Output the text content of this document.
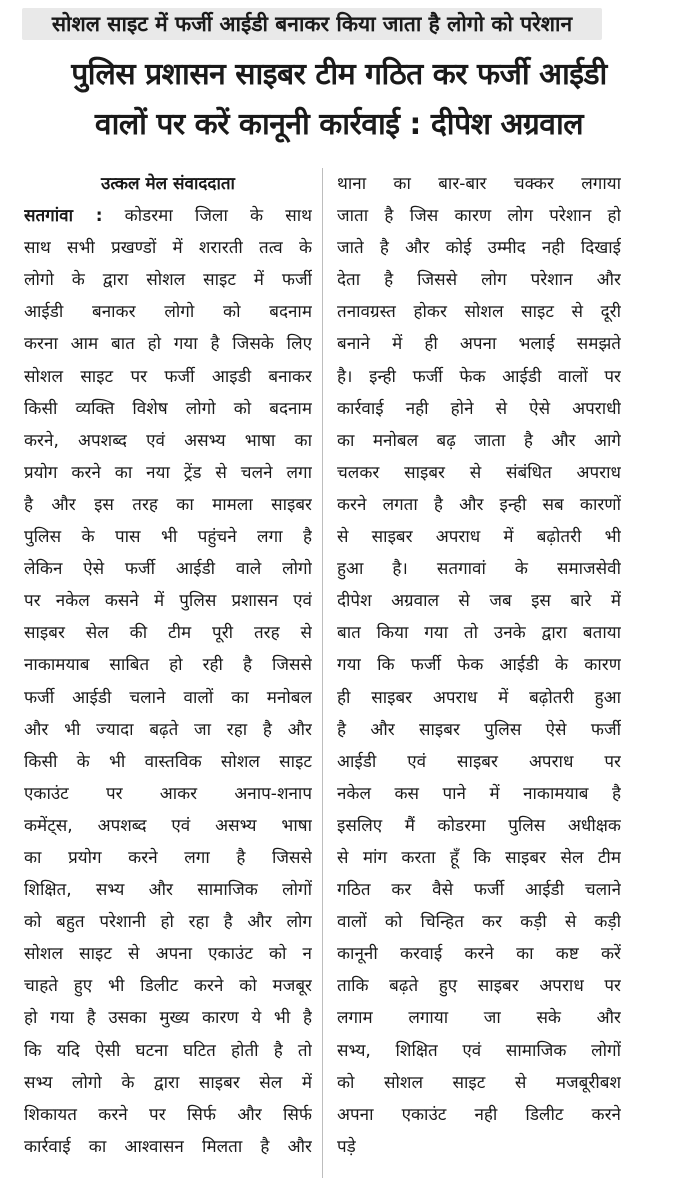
सोशल साइट में फर्जी आईडी बनाकर किया जाता है लोगो को परेशान
पुलिस प्रशासन साइबर टीम गठित कर फर्जी आईडी
वालों पर करें कानूनी कार्रवाई : दीपेश अग्रवाल
उत्कल मेल संवाददाता
सतगांवा : कोडरमा जिला के साथ
साथ सभी प्रखण्डों में शरारती तत्व के
लोगो के द्वारा सोशल साइट में फर्जी
आईडी बनाकर लोगो को बदनाम
करना आम बात हो गया है जिसके लिए
सोशल साइट पर फर्जी आइडी बनाकर
किसी व्यक्ति विशेष लोगो को बदनाम
करने, अपशब्द एवं असभ्य भाषा का
प्रयोग करने का नया ट्रेंड से चलने लगा
है और इस तरह का मामला साइबर
पुलिस के पास भी पहुंचने लगा है
लेकिन ऐसे फर्जी आईडी वाले लोगो
पर नकेल कसने में पुलिस प्रशासन एवं
साइबर सेल की टीम पूरी तरह से
नाकामयाब साबित हो रही है जिससे
फर्जी आईडी चलाने वालों का मनोबल
और भी ज्यादा बढ़ते जा रहा है और
किसी के भी वास्तविक सोशल साइट
एकाउंट पर आकर अनाप-शनाप
कमेंट्स, अपशब्द एवं असभ्य भाषा
का प्रयोग करने लगा है जिससे
शिक्षित, सभ्य और सामाजिक लोगों
को बहुत परेशानी हो रहा है और लोग
सोशल साइट से अपना एकाउंट को न
चाहते हुए भी डिलीट करने को मजबूर
हो गया है उसका मुख्य कारण ये भी है
कि यदि ऐसी घटना घटित होती है तो
सभ्य लोगो के द्वारा साइबर सेल में
शिकायत करने पर सिर्फ और सिर्फ
कार्रवाई का आश्वासन मिलता है और
थाना का बार-बार चक्कर लगाया
जाता है जिस कारण लोग परेशान हो
जाते है और कोई उम्मीद नही दिखाई
देता है जिससे लोग परेशान और
तनावग्रस्त होकर सोशल साइट से दूरी
बनाने में ही अपना भलाई समझते
है। इन्ही फर्जी फेक आईडी वालों पर
कार्रवाई नही होने से ऐसे अपराधी
का मनोबल बढ़ जाता है और आगे
चलकर साइबर से संबंधित अपराध
करने लगता है और इन्ही सब कारणों
से साइबर अपराध में बढ़ोतरी भी
हुआ है। सतगावां के समाजसेवी
दीपेश अग्रवाल से जब इस बारे में
बात किया गया तो उनके द्वारा बताया
गया कि फर्जी फेक आईडी के कारण
ही साइबर अपराध में बढ़ोतरी हुआ
है और साइबर पुलिस ऐसे फर्जी
आईडी एवं साइबर अपराध पर
नकेल कस पाने में नाकामयाब है
इसलिए मैं कोडरमा पुलिस अधीक्षक
से मांग करता हूँ कि साइबर सेल टीम
गठित कर वैसे फर्जी आईडी चलाने
वालों को चिन्हित कर कड़ी से कड़ी
कानूनी करवाई करने का कष्ट करें
ताकि बढ़ते हुए साइबर अपराध पर
लगाम लगाया जा सके और
सभ्य, शिक्षित एवं सामाजिक लोगों
को सोशल साइट से मजबूरीबश
अपना एकाउंट नही डिलीट करने
पड़े
